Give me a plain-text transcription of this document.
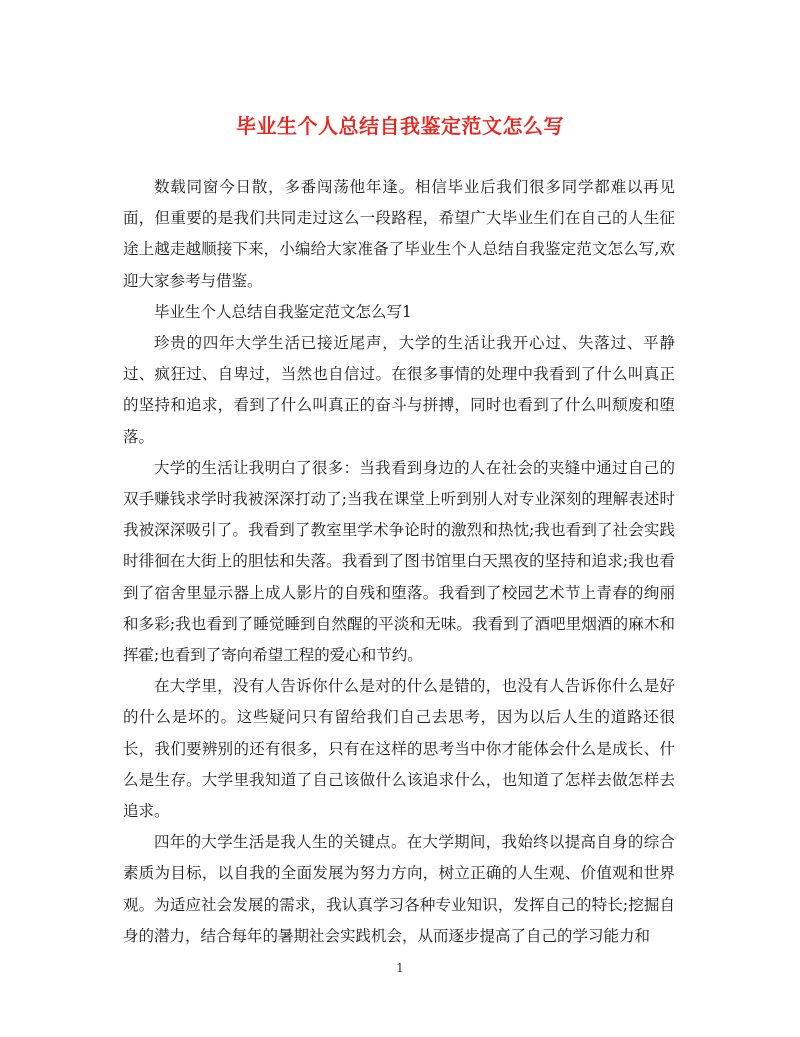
毕业生个人总结自我鉴定范文怎么写

数载同窗今日散，多番闯荡他年逢。相信毕业后我们很多同学都难以再见面，但重要的是我们共同走过这么一段路程，希望广大毕业生们在自己的人生征途上越走越顺接下来，小编给大家准备了毕业生个人总结自我鉴定范文怎么写,欢迎大家参考与借鉴。

毕业生个人总结自我鉴定范文怎么写1

珍贵的四年大学生活已接近尾声，大学的生活让我开心过、失落过、平静过、疯狂过、自卑过，当然也自信过。在很多事情的处理中我看到了什么叫真正的坚持和追求，看到了什么叫真正的奋斗与拼搏，同时也看到了什么叫颓废和堕落。

大学的生活让我明白了很多：当我看到身边的人在社会的夹缝中通过自己的双手赚钱求学时我被深深打动了;当我在课堂上听到别人对专业深刻的理解表述时我被深深吸引了。我看到了教室里学术争论时的激烈和热忱;我也看到了社会实践时徘徊在大街上的胆怯和失落。我看到了图书馆里白天黑夜的坚持和追求;我也看到了宿舍里显示器上成人影片的自残和堕落。我看到了校园艺术节上青春的绚丽和多彩;我也看到了睡觉睡到自然醒的平淡和无味。我看到了酒吧里烟酒的麻木和挥霍;也看到了寄向希望工程的爱心和节约。

在大学里，没有人告诉你什么是对的什么是错的，也没有人告诉你什么是好的什么是坏的。这些疑问只有留给我们自己去思考，因为以后人生的道路还很长，我们要辨别的还有很多，只有在这样的思考当中你才能体会什么是成长、什么是生存。大学里我知道了自己该做什么该追求什么，也知道了怎样去做怎样去追求。

四年的大学生活是我人生的关键点。在大学期间，我始终以提高自身的综合素质为目标，以自我的全面发展为努力方向，树立正确的人生观、价值观和世界观。为适应社会发展的需求，我认真学习各种专业知识，发挥自己的特长;挖掘自身的潜力，结合每年的暑期社会实践机会，从而逐步提高了自己的学习能力和

1
